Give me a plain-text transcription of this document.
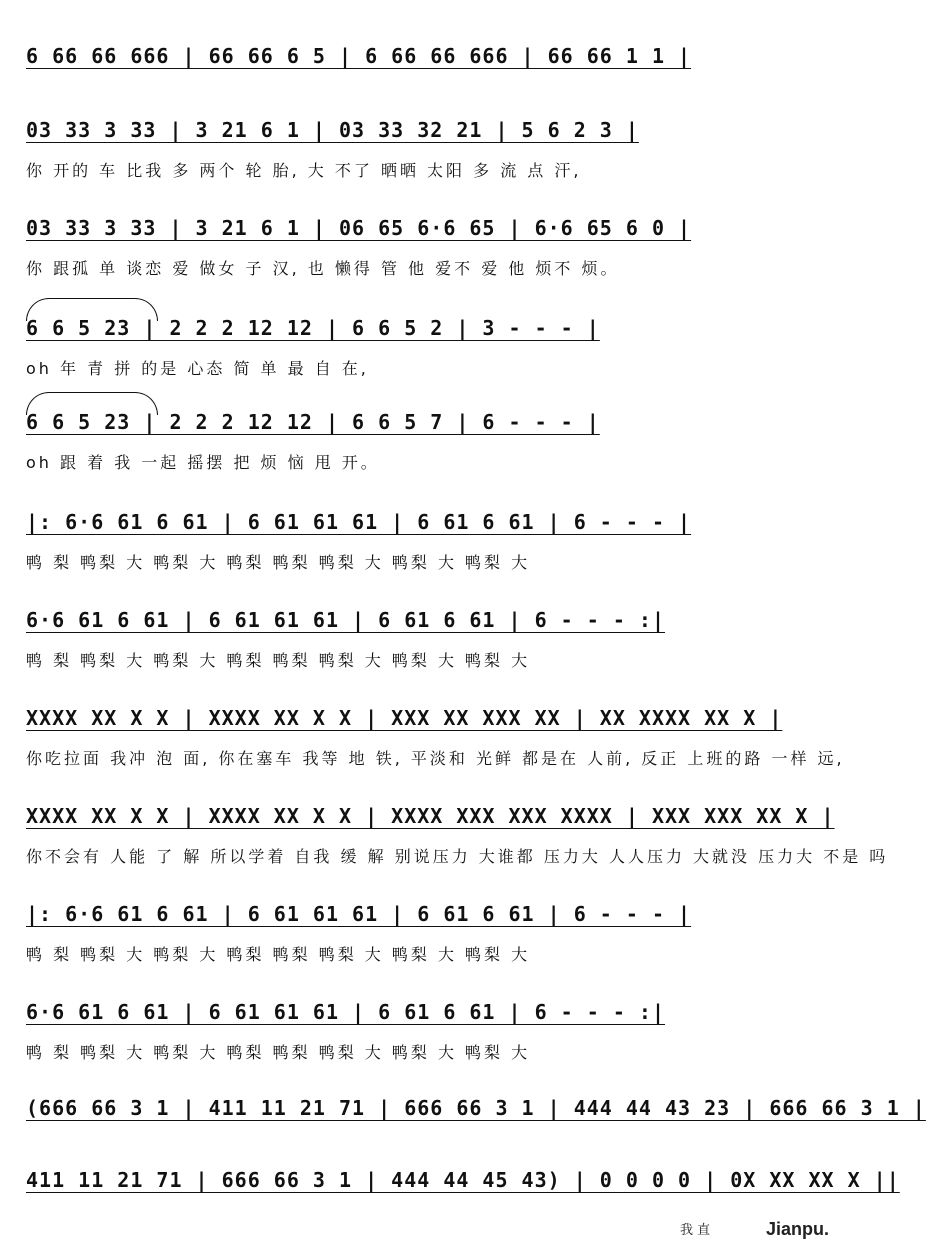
6 66 66 666 | 66 66 6 5 | 6 66 66 666 | 66 66 1 1 |
03 33 3 33 | 3 21 6 1 | 03 33 32 21 | 5 6 2 3 |
你 开的 车 比我 多 两个 轮 胎, 大 不了 晒晒 太阳 多 流 点 汗,
03 33 3 33 | 3 21 6 1 | 06 65 6·6 65 | 6·6 65 6 0 |
你 跟孤 单 谈恋 爱 做女 子 汉, 也 懒得 管 他 爱不 爱 他 烦不 烦。
6 6 5 23 | 2 2 2 12 12 | 6 6 5 2 | 3 - - - |
oh 年 青 拼 的是 心态 简 单 最 自 在,
6 6 5 23 | 2 2 2 12 12 | 6 6 5 7 | 6 - - - |
oh 跟 着 我 一起 摇摆 把 烦 恼 甩 开。
|: 6·6 61 6 61 | 6 61 61 61 | 6 61 6 61 | 6 - - - |
鸭 梨 鸭梨 大 鸭梨 大 鸭梨 鸭梨 鸭梨 大 鸭梨 大 鸭梨 大
6·6 61 6 61 | 6 61 61 61 | 6 61 6 61 | 6 - - - :|
鸭 梨 鸭梨 大 鸭梨 大 鸭梨 鸭梨 鸭梨 大 鸭梨 大 鸭梨 大
XXXX XX X X | XXXX XX X X | XXX XX XXX XX | XX XXXX XX X |
你吃拉面 我冲 泡 面, 你在塞车 我等 地 铁, 平淡和 光鲜 都是在 人前, 反正 上班的路 一样 远,
XXXX XX X X | XXXX XX X X | XXXX XXX XXX XXXX | XXX XXX XX X |
你不会有 人能 了 解 所以学着 自我 缓 解 别说压力 大谁都 压力大 人人压力 大就没 压力大 不是 吗
|: 6·6 61 6 61 | 6 61 61 61 | 6 61 6 61 | 6 - - - |
鸭 梨 鸭梨 大 鸭梨 大 鸭梨 鸭梨 鸭梨 大 鸭梨 大 鸭梨 大
6·6 61 6 61 | 6 61 61 61 | 6 61 6 61 | 6 - - - :|
鸭 梨 鸭梨 大 鸭梨 大 鸭梨 鸭梨 鸭梨 大 鸭梨 大 鸭梨 大
(666 66 3 1 | 411 11 21 71 | 666 66 3 1 | 444 44 43 23 | 666 66 3 1 |
411 11 21 71 | 666 66 3 1 | 444 44 45 43) | 0 0 0 0 | 0X XX XX X ||
我 直	Jianpu.
